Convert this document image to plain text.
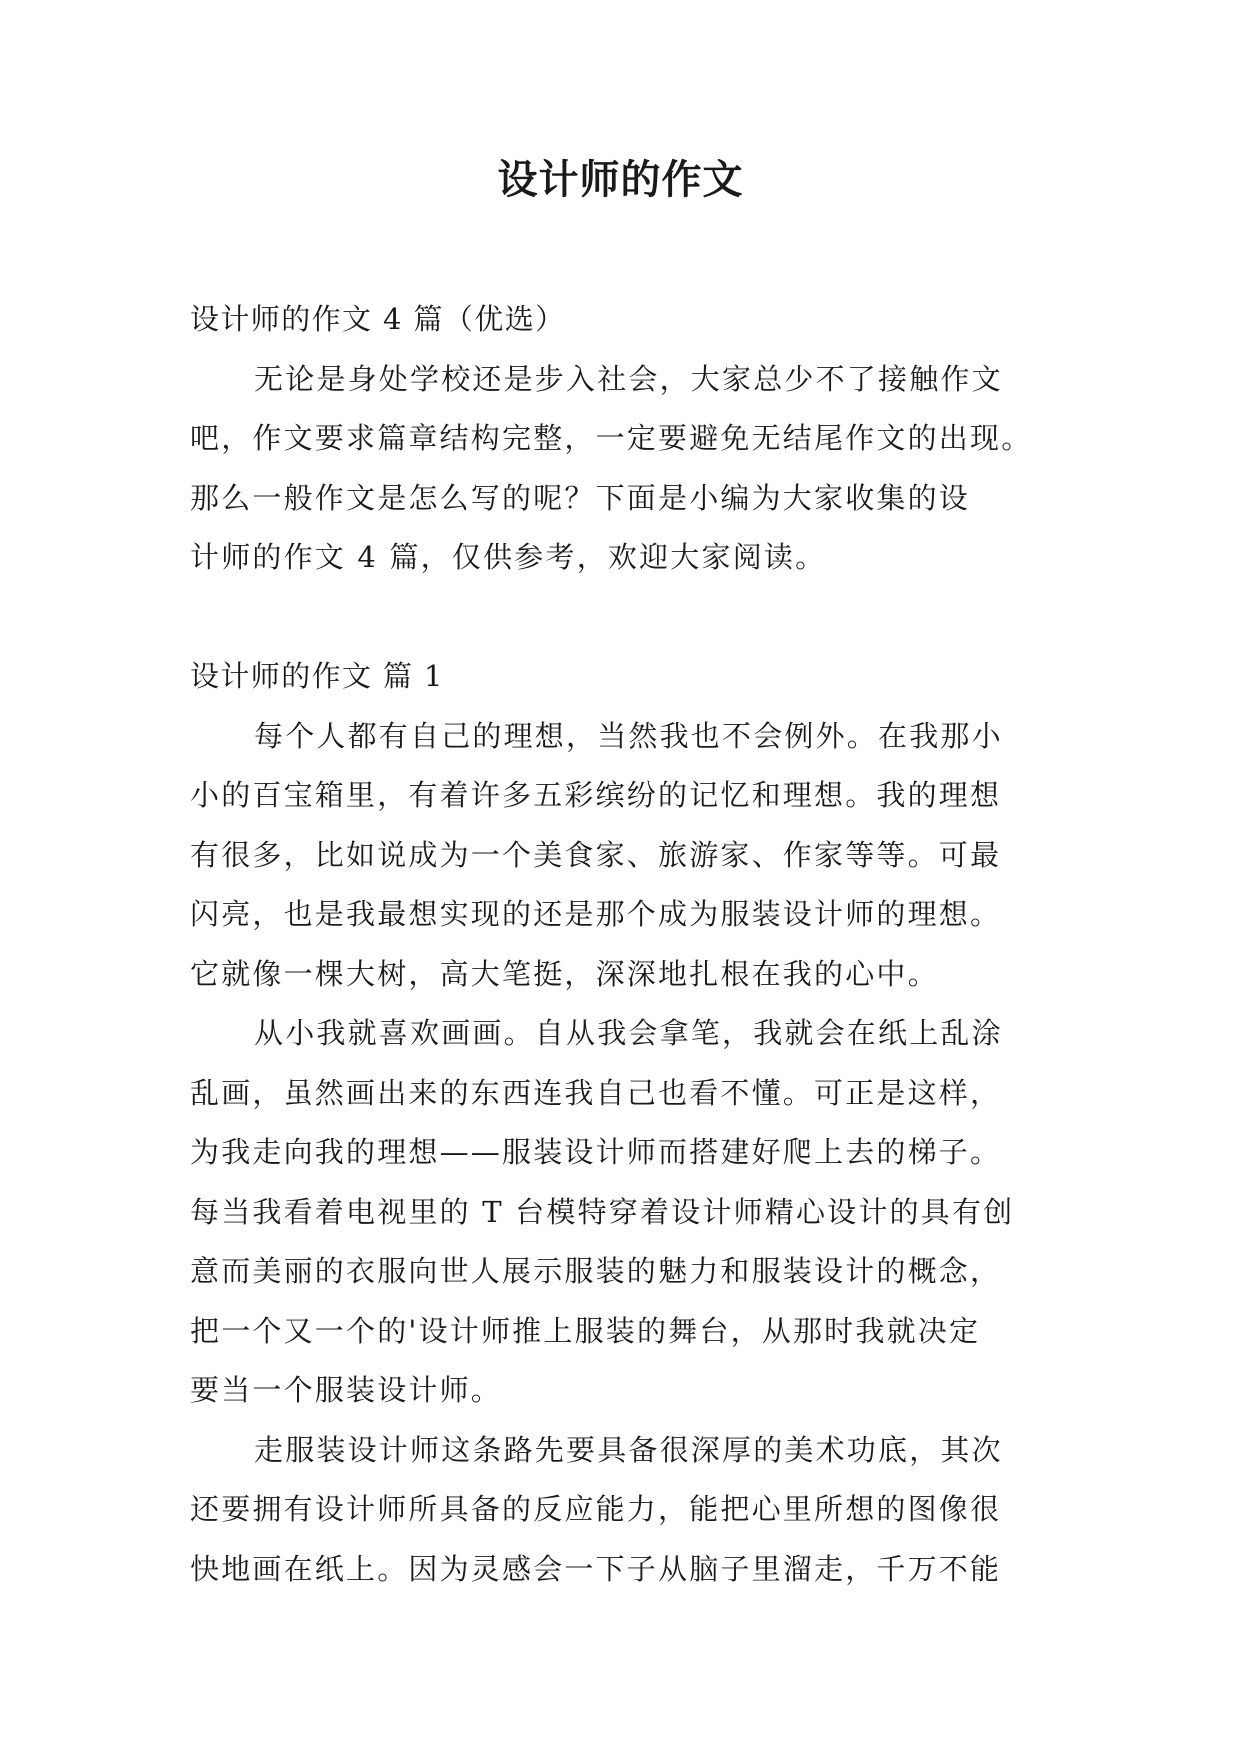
设计师的作文

设计师的作文 4 篇（优选）

无论是身处学校还是步入社会，大家总少不了接触作文

吧，作文要求篇章结构完整，一定要避免无结尾作文的出现。

那么一般作文是怎么写的呢？下面是小编为大家收集的设

计师的作文 4 篇，仅供参考，欢迎大家阅读。

设计师的作文 篇 1

每个人都有自己的理想，当然我也不会例外。在我那小

小的百宝箱里，有着许多五彩缤纷的记忆和理想。我的理想

有很多，比如说成为一个美食家、旅游家、作家等等。可最

闪亮，也是我最想实现的还是那个成为服装设计师的理想。

它就像一棵大树，高大笔挺，深深地扎根在我的心中。

从小我就喜欢画画。自从我会拿笔，我就会在纸上乱涂

乱画，虽然画出来的东西连我自己也看不懂。可正是这样，

为我走向我的理想——服装设计师而搭建好爬上去的梯子。

每当我看着电视里的 T 台模特穿着设计师精心设计的具有创

意而美丽的衣服向世人展示服装的魅力和服装设计的概念，

把一个又一个的'设计师推上服装的舞台，从那时我就决定

要当一个服装设计师。

走服装设计师这条路先要具备很深厚的美术功底，其次

还要拥有设计师所具备的反应能力，能把心里所想的图像很

快地画在纸上。因为灵感会一下子从脑子里溜走，千万不能
